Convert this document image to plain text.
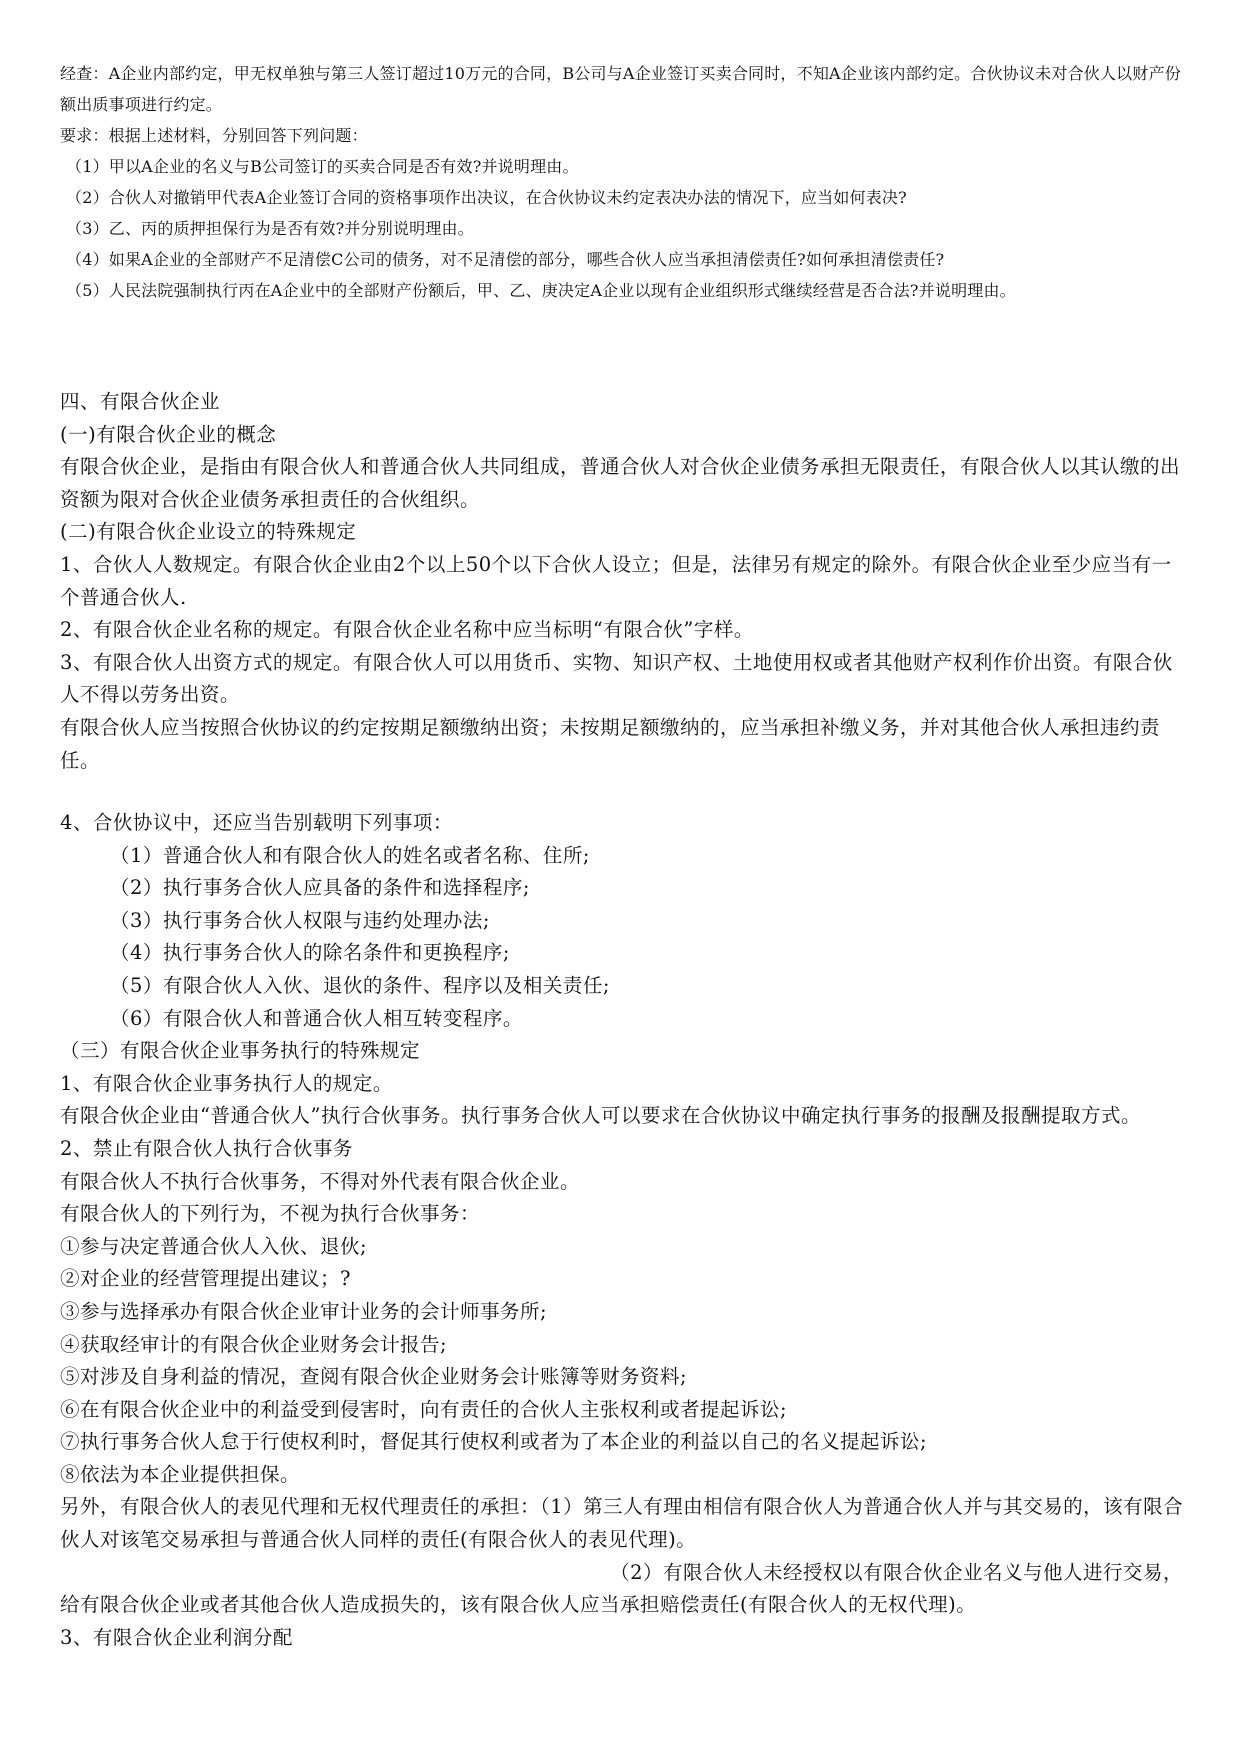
经查：A企业内部约定，甲无权单独与第三人签订超过10万元的合同，B公司与A企业签订买卖合同时，不知A企业该内部约定。合伙协议未对合伙人以财产份额出质事项进行约定。

要求：根据上述材料，分别回答下列问题：

（1）甲以A企业的名义与B公司签订的买卖合同是否有效?并说明理由。

（2）合伙人对撤销甲代表A企业签订合同的资格事项作出决议，在合伙协议未约定表决办法的情况下，应当如何表决?

（3）乙、丙的质押担保行为是否有效?并分别说明理由。

（4）如果A企业的全部财产不足清偿C公司的债务，对不足清偿的部分，哪些合伙人应当承担清偿责任?如何承担清偿责任?

（5）人民法院强制执行丙在A企业中的全部财产份额后，甲、乙、庚决定A企业以现有企业组织形式继续经营是否合法?并说明理由。

四、有限合伙企业

(一)有限合伙企业的概念

有限合伙企业，是指由有限合伙人和普通合伙人共同组成，普通合伙人对合伙企业债务承担无限责任，有限合伙人以其认缴的出资额为限对合伙企业债务承担责任的合伙组织。

(二)有限合伙企业设立的特殊规定

1、合伙人人数规定。有限合伙企业由2个以上50个以下合伙人设立；但是，法律另有规定的除外。有限合伙企业至少应当有一个普通合伙人.

2、有限合伙企业名称的规定。有限合伙企业名称中应当标明“有限合伙”字样。

3、有限合伙人出资方式的规定。有限合伙人可以用货币、实物、知识产权、土地使用权或者其他财产权利作价出资。有限合伙人不得以劳务出资。

有限合伙人应当按照合伙协议的约定按期足额缴纳出资；未按期足额缴纳的，应当承担补缴义务，并对其他合伙人承担违约责任。

4、合伙协议中，还应当告别载明下列事项：

（1）普通合伙人和有限合伙人的姓名或者名称、住所;

（2）执行事务合伙人应具备的条件和选择程序;

（3）执行事务合伙人权限与违约处理办法;

（4）执行事务合伙人的除名条件和更换程序;

（5）有限合伙人入伙、退伙的条件、程序以及相关责任;

（6）有限合伙人和普通合伙人相互转变程序。

（三）有限合伙企业事务执行的特殊规定

1、有限合伙企业事务执行人的规定。

有限合伙企业由“普通合伙人”执行合伙事务。执行事务合伙人可以要求在合伙协议中确定执行事务的报酬及报酬提取方式。

2、禁止有限合伙人执行合伙事务

有限合伙人不执行合伙事务，不得对外代表有限合伙企业。

有限合伙人的下列行为，不视为执行合伙事务：

①参与决定普通合伙人入伙、退伙;

②对企业的经营管理提出建议；?

③参与选择承办有限合伙企业审计业务的会计师事务所;

④获取经审计的有限合伙企业财务会计报告;

⑤对涉及自身利益的情况，查阅有限合伙企业财务会计账簿等财务资料;

⑥在有限合伙企业中的利益受到侵害时，向有责任的合伙人主张权利或者提起诉讼;

⑦执行事务合伙人怠于行使权利时，督促其行使权利或者为了本企业的利益以自己的名义提起诉讼;

⑧依法为本企业提供担保。

另外，有限合伙人的表见代理和无权代理责任的承担：（1）第三人有理由相信有限合伙人为普通合伙人并与其交易的，该有限合伙人对该笔交易承担与普通合伙人同样的责任(有限合伙人的表见代理)。

（2）有限合伙人未经授权以有限合伙企业名义与他人进行交易，

给有限合伙企业或者其他合伙人造成损失的，该有限合伙人应当承担赔偿责任(有限合伙人的无权代理)。

3、有限合伙企业利润分配
